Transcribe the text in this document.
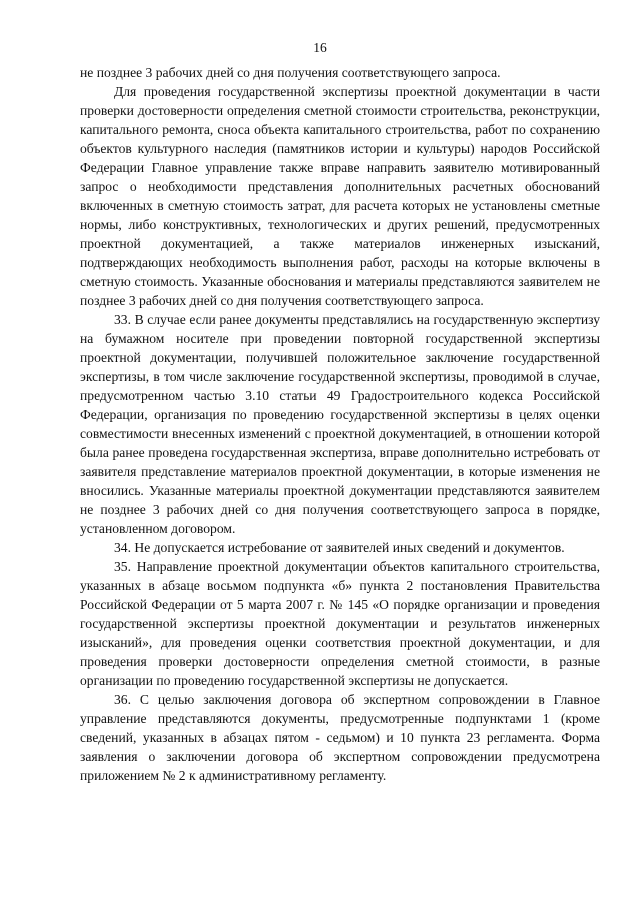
16

не позднее 3 рабочих дней со дня получения соответствующего запроса.

Для проведения государственной экспертизы проектной документации в части проверки достоверности определения сметной стоимости строительства, реконструкции, капитального ремонта, сноса объекта капитального строительства, работ по сохранению объектов культурного наследия (памятников истории и культуры) народов Российской Федерации Главное управление также вправе направить заявителю мотивированный запрос о необходимости представления дополнительных расчетных обоснований включенных в сметную стоимость затрат, для расчета которых не установлены сметные нормы, либо конструктивных, технологических и других решений, предусмотренных проектной документацией, а также материалов инженерных изысканий, подтверждающих необходимость выполнения работ, расходы на которые включены в сметную стоимость. Указанные обоснования и материалы представляются заявителем не позднее 3 рабочих дней со дня получения соответствующего запроса.

33. В случае если ранее документы представлялись на государственную экспертизу на бумажном носителе при проведении повторной государственной экспертизы проектной документации, получившей положительное заключение государственной экспертизы, в том числе заключение государственной экспертизы, проводимой в случае, предусмотренном частью 3.10 статьи 49 Градостроительного кодекса Российской Федерации, организация по проведению государственной экспертизы в целях оценки совместимости внесенных изменений с проектной документацией, в отношении которой была ранее проведена государственная экспертиза, вправе дополнительно истребовать от заявителя представление материалов проектной документации, в которые изменения не вносились. Указанные материалы проектной документации представляются заявителем не позднее 3 рабочих дней со дня получения соответствующего запроса в порядке, установленном договором.

34. Не допускается истребование от заявителей иных сведений и документов.

35. Направление проектной документации объектов капитального строительства, указанных в абзаце восьмом подпункта «б» пункта 2 постановления Правительства Российской Федерации от 5 марта 2007 г. № 145 «О порядке организации и проведения государственной экспертизы проектной документации и результатов инженерных изысканий», для проведения оценки соответствия проектной документации, и для проведения проверки достоверности определения сметной стоимости, в разные организации по проведению государственной экспертизы не допускается.

36. С целью заключения договора об экспертном сопровождении в Главное управление представляются документы, предусмотренные подпунктами 1 (кроме сведений, указанных в абзацах пятом - седьмом) и 10 пункта 23 регламента. Форма заявления о заключении договора об экспертном сопровождении предусмотрена приложением № 2 к административному регламенту.
